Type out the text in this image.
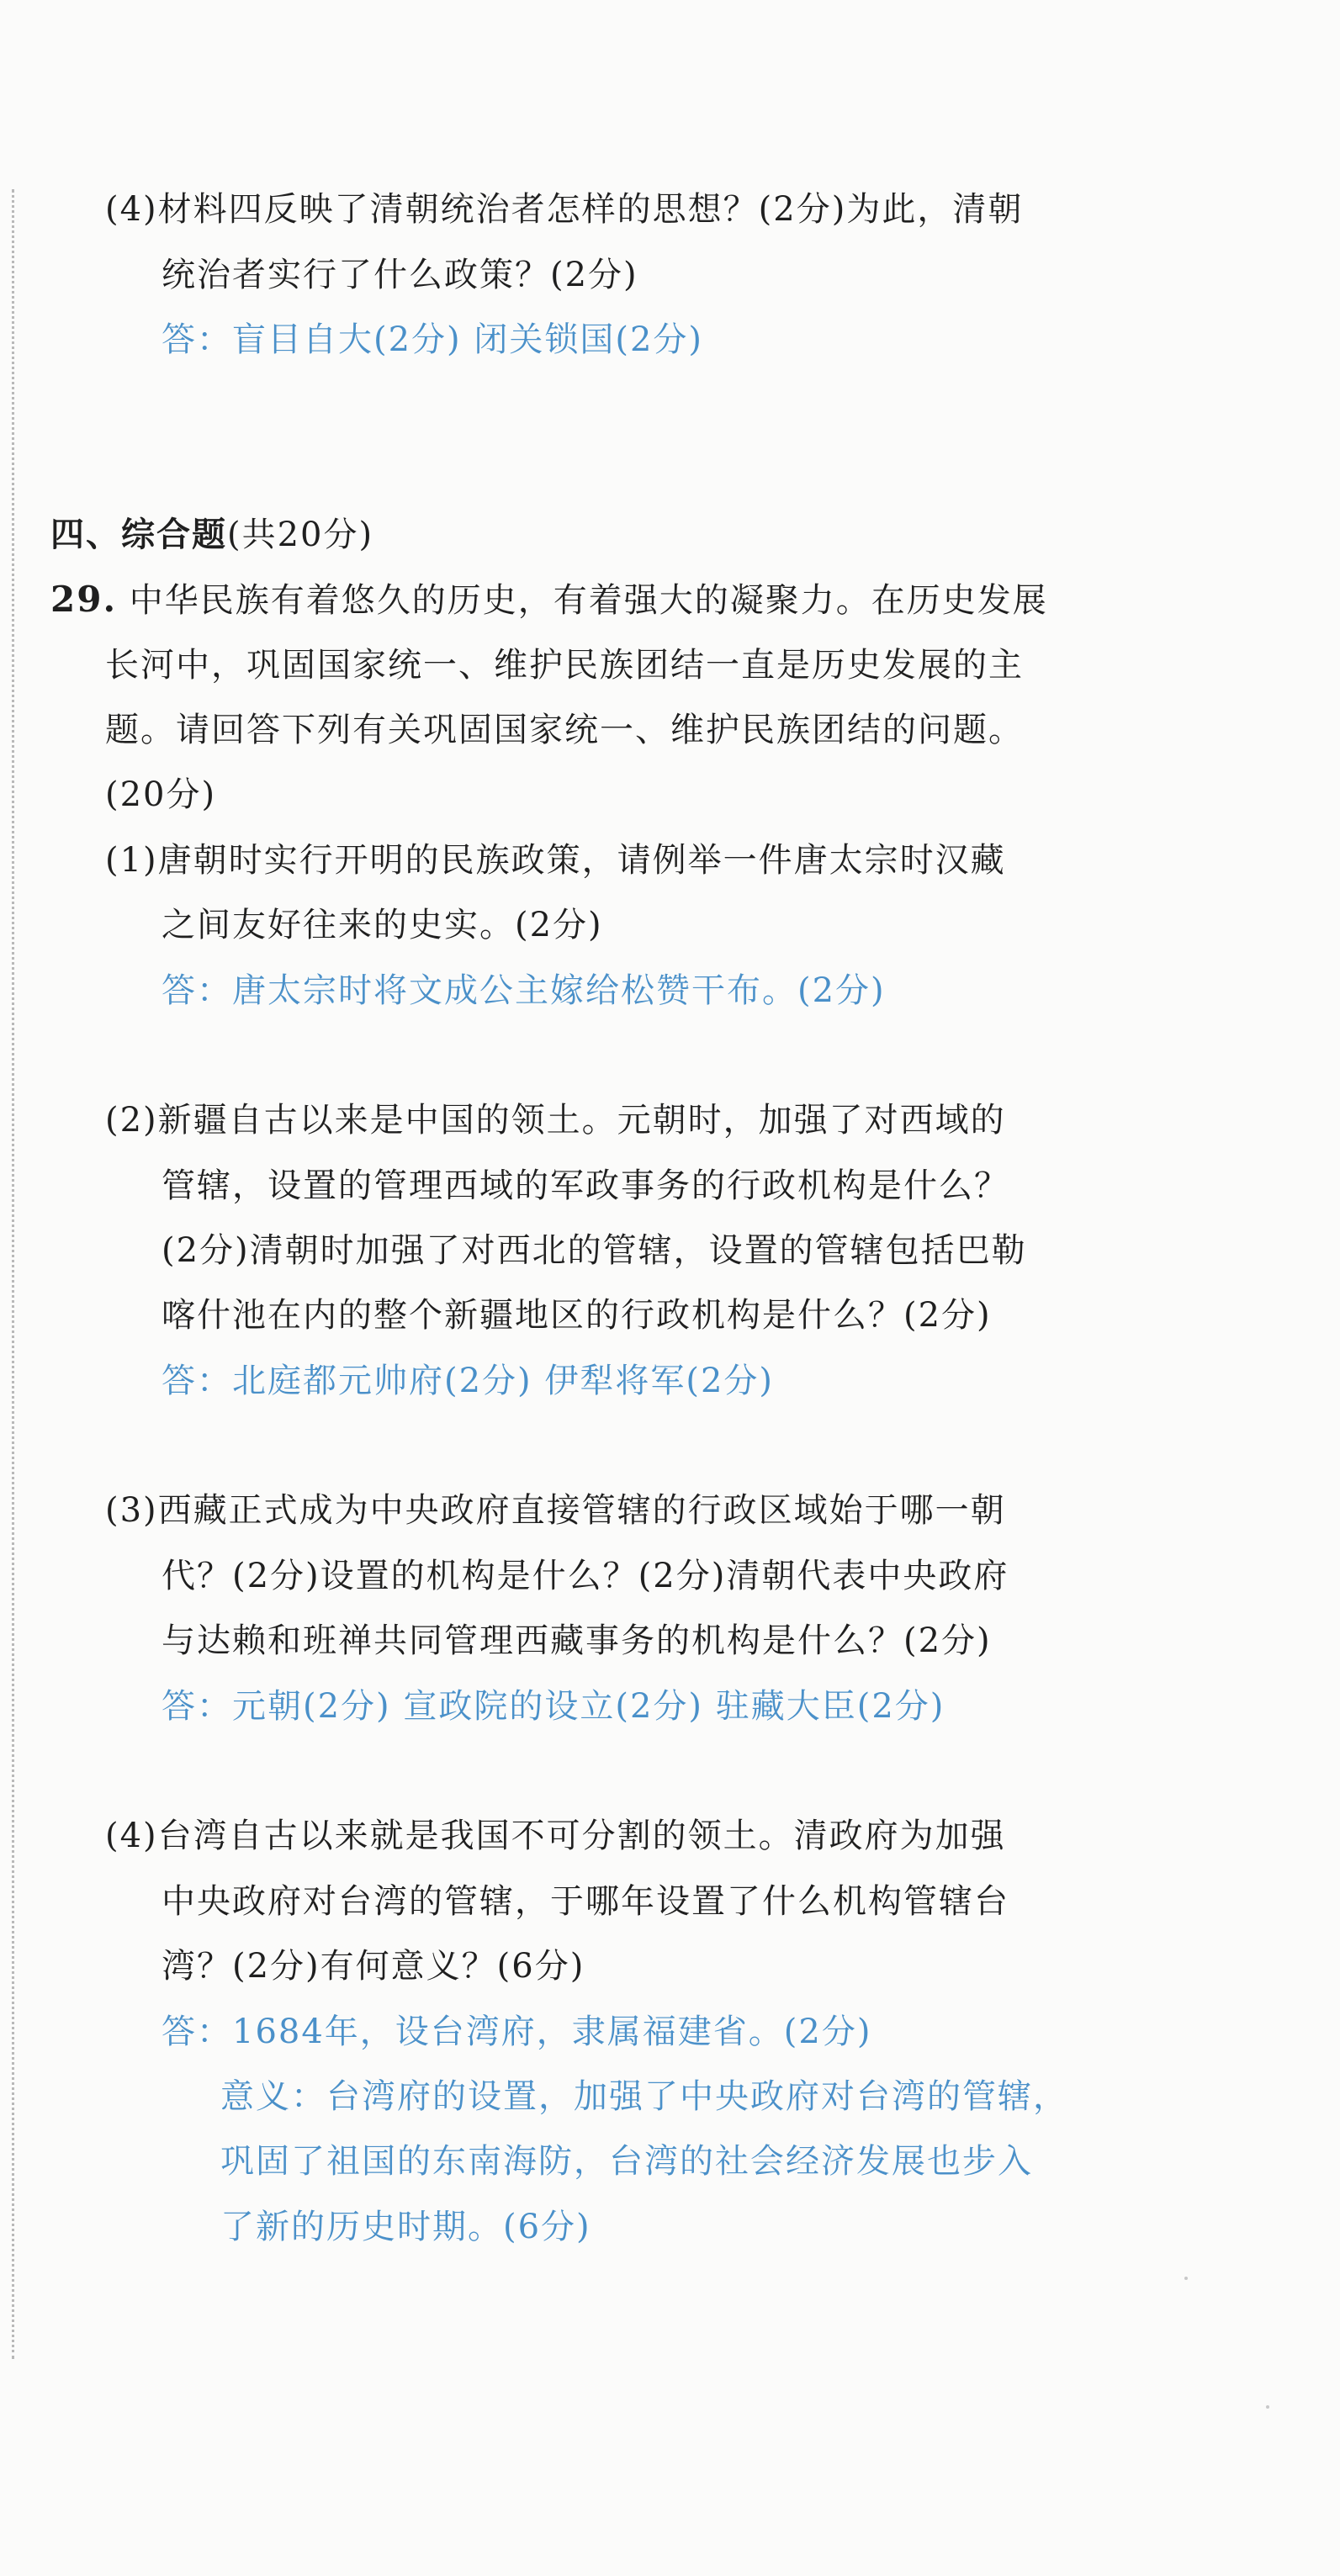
(4)材料四反映了清朝统治者怎样的思想？(2分)为此，清朝
统治者实行了什么政策？(2分)
答：盲目自大(2分) 闭关锁国(2分)
四、综合题(共20分)
29. 中华民族有着悠久的历史，有着强大的凝聚力。在历史发展
长河中，巩固国家统一、维护民族团结一直是历史发展的主
题。请回答下列有关巩固国家统一、维护民族团结的问题。
(20分)
(1)唐朝时实行开明的民族政策，请例举一件唐太宗时汉藏
之间友好往来的史实。(2分)
答：唐太宗时将文成公主嫁给松赞干布。(2分)
(2)新疆自古以来是中国的领土。元朝时，加强了对西域的
管辖，设置的管理西域的军政事务的行政机构是什么？
(2分)清朝时加强了对西北的管辖，设置的管辖包括巴勒
喀什池在内的整个新疆地区的行政机构是什么？(2分)
答：北庭都元帅府(2分) 伊犁将军(2分)
(3)西藏正式成为中央政府直接管辖的行政区域始于哪一朝
代？(2分)设置的机构是什么？(2分)清朝代表中央政府
与达赖和班禅共同管理西藏事务的机构是什么？(2分)
答：元朝(2分) 宣政院的设立(2分) 驻藏大臣(2分)
(4)台湾自古以来就是我国不可分割的领土。清政府为加强
中央政府对台湾的管辖，于哪年设置了什么机构管辖台
湾？(2分)有何意义？(6分)
答：1684年，设台湾府，隶属福建省。(2分)
意义：台湾府的设置，加强了中央政府对台湾的管辖，
巩固了祖国的东南海防，台湾的社会经济发展也步入
了新的历史时期。(6分)
